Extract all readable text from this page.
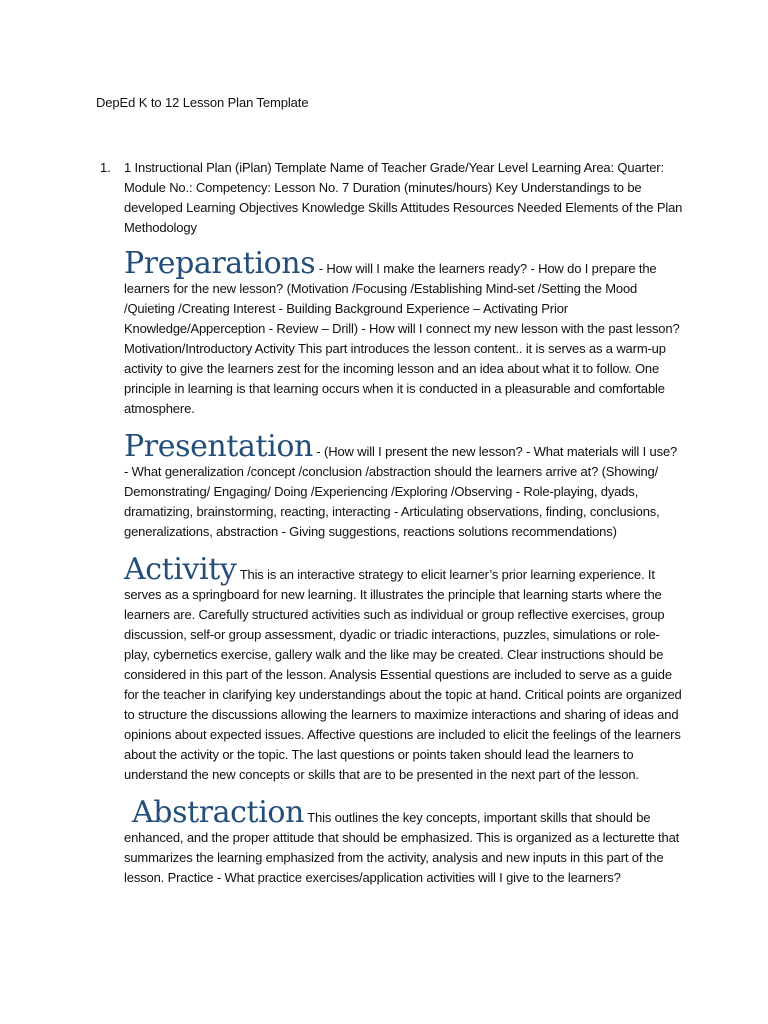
DepEd K to 12 Lesson Plan Template
1. 1 Instructional Plan (iPlan) Template Name of Teacher Grade/Year Level Learning Area: Quarter: Module No.: Competency: Lesson No. 7 Duration (minutes/hours) Key Understandings to be developed Learning Objectives Knowledge Skills Attitudes Resources Needed Elements of the Plan Methodology

Preparations - How will I make the learners ready? - How do I prepare the learners for the new lesson? (Motivation /Focusing /Establishing Mind-set /Setting the Mood /Quieting /Creating Interest - Building Background Experience – Activating Prior Knowledge/Apperception - Review – Drill) - How will I connect my new lesson with the past lesson? Motivation/Introductory Activity This part introduces the lesson content.. it is serves as a warm-up activity to give the learners zest for the incoming lesson and an idea about what it to follow. One principle in learning is that learning occurs when it is conducted in a pleasurable and comfortable atmosphere.

Presentation - (How will I present the new lesson? - What materials will I use? - What generalization /concept /conclusion /abstraction should the learners arrive at? (Showing/ Demonstrating/ Engaging/ Doing /Experiencing /Exploring /Observing - Role-playing, dyads, dramatizing, brainstorming, reacting, interacting - Articulating observations, finding, conclusions, generalizations, abstraction - Giving suggestions, reactions solutions recommendations)

Activity This is an interactive strategy to elicit learner’s prior learning experience. It serves as a springboard for new learning. It illustrates the principle that learning starts where the learners are. Carefully structured activities such as individual or group reflective exercises, group discussion, self-or group assessment, dyadic or triadic interactions, puzzles, simulations or role-play, cybernetics exercise, gallery walk and the like may be created. Clear instructions should be considered in this part of the lesson. Analysis Essential questions are included to serve as a guide for the teacher in clarifying key understandings about the topic at hand. Critical points are organized to structure the discussions allowing the learners to maximize interactions and sharing of ideas and opinions about expected issues. Affective questions are included to elicit the feelings of the learners about the activity or the topic. The last questions or points taken should lead the learners to understand the new concepts or skills that are to be presented in the next part of the lesson.

Abstraction This outlines the key concepts, important skills that should be enhanced, and the proper attitude that should be emphasized. This is organized as a lecturette that summarizes the learning emphasized from the activity, analysis and new inputs in this part of the lesson. Practice - What practice exercises/application activities will I give to the learners?
